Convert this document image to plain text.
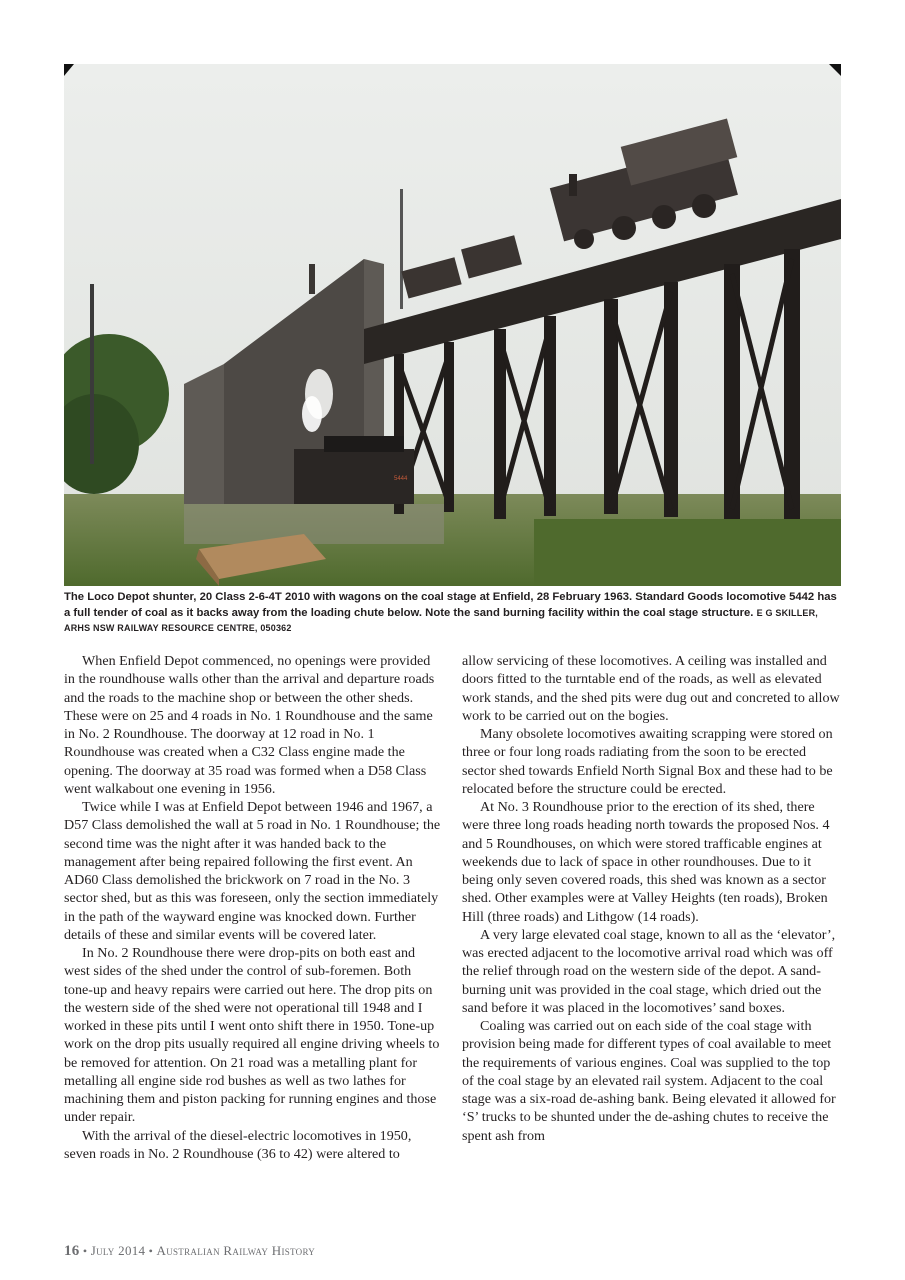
5444

The Loco Depot shunter, 20 Class 2-6-4T 2010 with wagons on the coal stage at Enfield, 28 February 1963. Standard Goods locomotive 5442 has a full tender of coal as it backs away from the loading chute below. Note the sand burning facility within the coal stage structure. E G SKILLER, ARHS NSW RAILWAY RESOURCE CENTRE, 050362

When Enfield Depot commenced, no openings were provided in the roundhouse walls other than the arrival and departure roads and the roads to the machine shop or between the other sheds. These were on 25 and 4 roads in No. 1 Roundhouse and the same in No. 2 Roundhouse. The doorway at 12 road in No. 1 Roundhouse was created when a C32 Class engine made the opening. The doorway at 35 road was formed when a D58 Class went walkabout one evening in 1956.

Twice while I was at Enfield Depot between 1946 and 1967, a D57 Class demolished the wall at 5 road in No. 1 Roundhouse; the second time was the night after it was handed back to the management after being repaired following the first event. An AD60 Class demolished the brickwork on 7 road in the No. 3 sector shed, but as this was foreseen, only the section immediately in the path of the wayward engine was knocked down. Further details of these and similar events will be covered later.

In No. 2 Roundhouse there were drop-pits on both east and west sides of the shed under the control of sub-foremen. Both tone-up and heavy repairs were carried out here. The drop pits on the western side of the shed were not operational till 1948 and I worked in these pits until I went onto shift there in 1950. Tone-up work on the drop pits usually required all engine driving wheels to be removed for attention. On 21 road was a metalling plant for metalling all engine side rod bushes as well as two lathes for machining them and piston packing for running engines and those under repair.

With the arrival of the diesel-electric locomotives in 1950, seven roads in No. 2 Roundhouse (36 to 42) were altered to

allow servicing of these locomotives. A ceiling was installed and doors fitted to the turntable end of the roads, as well as elevated work stands, and the shed pits were dug out and concreted to allow work to be carried out on the bogies.

Many obsolete locomotives awaiting scrapping were stored on three or four long roads radiating from the soon to be erected sector shed towards Enfield North Signal Box and these had to be relocated before the structure could be erected.

At No. 3 Roundhouse prior to the erection of its shed, there were three long roads heading north towards the proposed Nos. 4 and 5 Roundhouses, on which were stored trafficable engines at weekends due to lack of space in other roundhouses. Due to it being only seven covered roads, this shed was known as a sector shed. Other examples were at Valley Heights (ten roads), Broken Hill (three roads) and Lithgow (14 roads).

A very large elevated coal stage, known to all as the ‘elevator’, was erected adjacent to the locomotive arrival road which was off the relief through road on the western side of the depot. A sand-burning unit was provided in the coal stage, which dried out the sand before it was placed in the locomotives’ sand boxes.

Coaling was carried out on each side of the coal stage with provision being made for different types of coal available to meet the requirements of various engines. Coal was supplied to the top of the coal stage by an elevated rail system. Adjacent to the coal stage was a six-road de-ashing bank. Being elevated it allowed for ‘S’ trucks to be shunted under the de-ashing chutes to receive the spent ash from

16 • July 2014 • Australian Railway History
